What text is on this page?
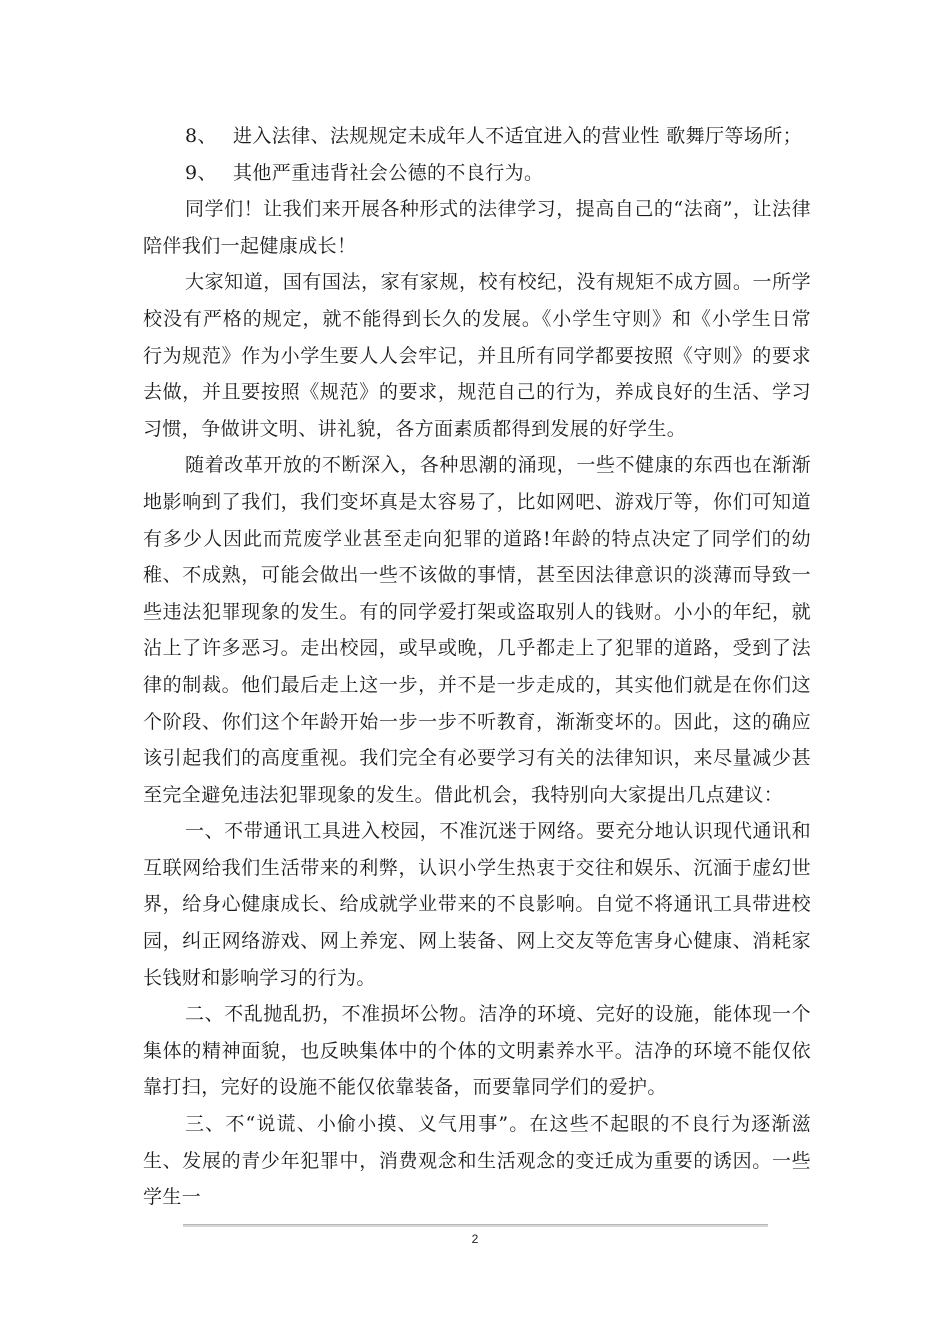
8、 进入法律、法规规定未成年人不适宜进入的营业性 歌舞厅等场所；

9、 其他严重违背社会公德的不良行为。

同学们！让我们来开展各种形式的法律学习，提高自己的“法商”，让法律陪伴我们一起健康成长！

大家知道，国有国法，家有家规，校有校纪，没有规矩不成方圆。一所学校没有严格的规定，就不能得到长久的发展。《小学生守则》和《小学生日常行为规范》作为小学生要人人会牢记，并且所有同学都要按照《守则》的要求去做，并且要按照《规范》的要求，规范自己的行为，养成良好的生活、学习习惯，争做讲文明、讲礼貌，各方面素质都得到发展的好学生。

随着改革开放的不断深入，各种思潮的涌现，一些不健康的东西也在渐渐地影响到了我们，我们变坏真是太容易了，比如网吧、游戏厅等，你们可知道有多少人因此而荒废学业甚至走向犯罪的道路!年龄的特点决定了同学们的幼稚、不成熟，可能会做出一些不该做的事情，甚至因法律意识的淡薄而导致一些违法犯罪现象的发生。有的同学爱打架或盗取别人的钱财。小小的年纪，就沾上了许多恶习。走出校园，或早或晚，几乎都走上了犯罪的道路，受到了法律的制裁。他们最后走上这一步，并不是一步走成的，其实他们就是在你们这个阶段、你们这个年龄开始一步一步不听教育，渐渐变坏的。因此，这的确应该引起我们的高度重视。我们完全有必要学习有关的法律知识，来尽量减少甚至完全避免违法犯罪现象的发生。借此机会，我特别向大家提出几点建议：

一、不带通讯工具进入校园，不准沉迷于网络。要充分地认识现代通讯和互联网给我们生活带来的利弊，认识小学生热衷于交往和娱乐、沉湎于虚幻世界，给身心健康成长、给成就学业带来的不良影响。自觉不将通讯工具带进校园，纠正网络游戏、网上养宠、网上装备、网上交友等危害身心健康、消耗家长钱财和影响学习的行为。

二、不乱抛乱扔，不准损坏公物。洁净的环境、完好的设施，能体现一个集体的精神面貌，也反映集体中的个体的文明素养水平。洁净的环境不能仅依靠打扫，完好的设施不能仅依靠装备，而要靠同学们的爱护。

三、不“说谎、小偷小摸、义气用事”。在这些不起眼的不良行为逐渐滋生、发展的青少年犯罪中，消费观念和生活观念的变迁成为重要的诱因。一些学生一

2
